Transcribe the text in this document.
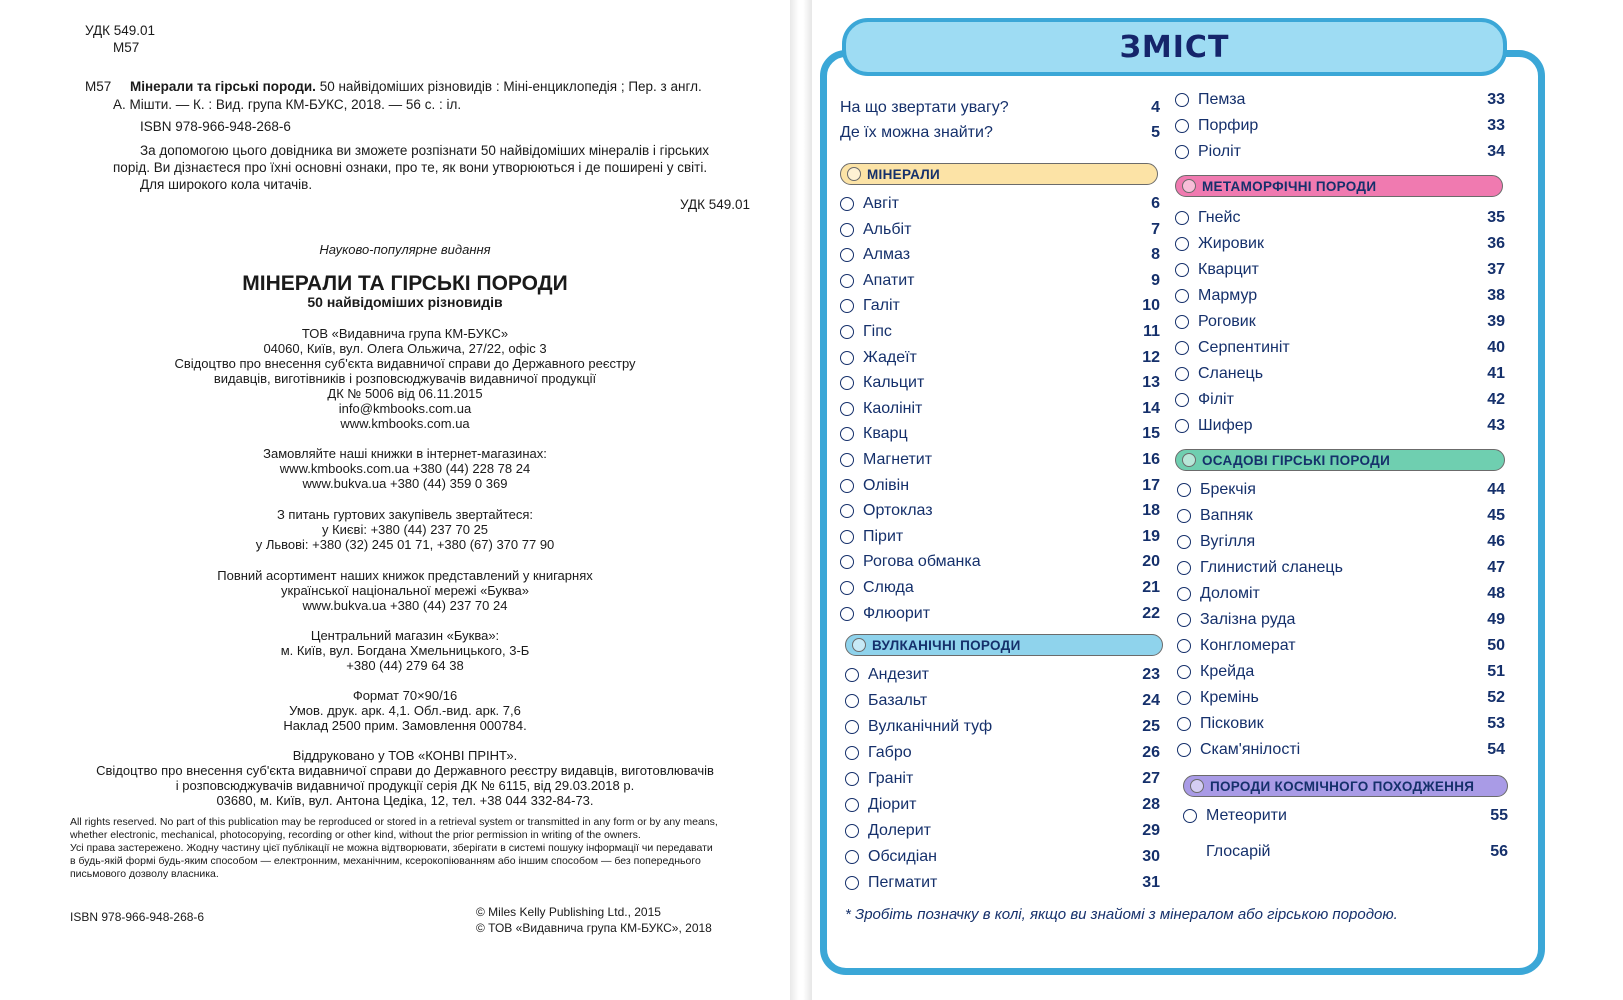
УДК 549.01
М57
М57 Мінерали та гірські породи. 50 найвідоміших різновидів : Міні-енциклопедія ; Пер. з англ.
А. Мішти. — К. : Вид. група КМ-БУКС, 2018. — 56 с. : іл.
ISBN 978-966-948-268-6
За допомогою цього довідника ви зможете розпізнати 50 найвідоміших мінералів і гірських
порід. Ви дізнаєтеся про їхні основні ознаки, про те, як вони утворюються і де поширені у світі.
Для широкого кола читачів.
УДК 549.01
Науково-популярне видання
МІНЕРАЛИ ТА ГІРСЬКІ ПОРОДИ
50 найвідоміших різновидів
ТОВ «Видавнича група КМ-БУКС»
04060, Київ, вул. Олега Ольжича, 27/22, офіс 3
Свідоцтво про внесення суб'єкта видавничої справи до Державного реєстру
видавців, виготівників і розповсюджувачів видавничої продукції
ДК № 5006 від 06.11.2015
info@kmbooks.com.ua
www.kmbooks.com.ua
Замовляйте наші книжки в інтернет-магазинах:
www.kmbooks.com.ua +380 (44) 228 78 24
www.bukva.ua +380 (44) 359 0 369
З питань гуртових закупівель звертайтеся:
у Києві: +380 (44) 237 70 25
у Львові: +380 (32) 245 01 71, +380 (67) 370 77 90
Повний асортимент наших книжок представлений у книгарнях
української національної мережі «Буква»
www.bukva.ua +380 (44) 237 70 24
Центральний магазин «Буква»:
м. Київ, вул. Богдана Хмельницького, 3-Б
+380 (44) 279 64 38
Формат 70×90/16
Умов. друк. арк. 4,1. Обл.-вид. арк. 7,6
Наклад 2500 прим. Замовлення 000784.
Віддруковано у ТОВ «КОНВІ ПРІНТ».
Свідоцтво про внесення суб'єкта видавничої справи до Державного реєстру видавців, виготовлювачів
і розповсюджувачів видавничої продукції серія ДК № 6115, від 29.03.2018 р.
03680, м. Київ, вул. Антона Цедіка, 12, тел. +38 044 332-84-73.
All rights reserved. No part of this publication may be reproduced or stored in a retrieval system or transmitted in any form or by any means, whether electronic, mechanical, photocopying, recording or other kind, without the prior permission in writing of the owners.
Усі права застережено. Жодну частину цієї публікації не можна відтворювати, зберігати в системі пошуку інформації чи передавати в будь-якій формі будь-яким способом — електронним, механічним, ксерокопіюванням або іншим способом — без попереднього письмового дозволу власника.
ISBN 978-966-948-268-6	© Miles Kelly Publishing Ltd., 2015
© ТОВ «Видавнича група КМ-БУКС», 2018
ЗМІСТ
На що звертати увагу?	4
Де їх можна знайти?	5
МІНЕРАЛИ
Авгіт	6
Альбіт	7
Алмаз	8
Апатит	9
Галіт	10
Гіпс	11
Жадеїт	12
Кальцит	13
Каолініт	14
Кварц	15
Магнетит	16
Олівін	17
Ортоклаз	18
Пірит	19
Рогова обманка	20
Слюда	21
Флюорит	22
ВУЛКАНІЧНІ ПОРОДИ
Андезит	23
Базальт	24
Вулканічний туф	25
Габро	26
Граніт	27
Діорит	28
Долерит	29
Обсидіан	30
Пегматит	31
Пемза	33
Порфир	33
Ріоліт	34
МЕТАМОРФІЧНІ ПОРОДИ
Гнейс	35
Жировик	36
Кварцит	37
Мармур	38
Роговик	39
Серпентиніт	40
Сланець	41
Філіт	42
Шифер	43
ОСАДОВІ ГІРСЬКІ ПОРОДИ
Брекчія	44
Вапняк	45
Вугілля	46
Глинистий сланець	47
Доломіт	48
Залізна руда	49
Конгломерат	50
Крейда	51
Кремінь	52
Пісковик	53
Скам'янілості	54
ПОРОДИ КОСМІЧНОГО ПОХОДЖЕННЯ
Метеорити	55
Глосарій	56
* Зробіть позначку в колі, якщо ви знайомі з мінералом або гірською породою.
